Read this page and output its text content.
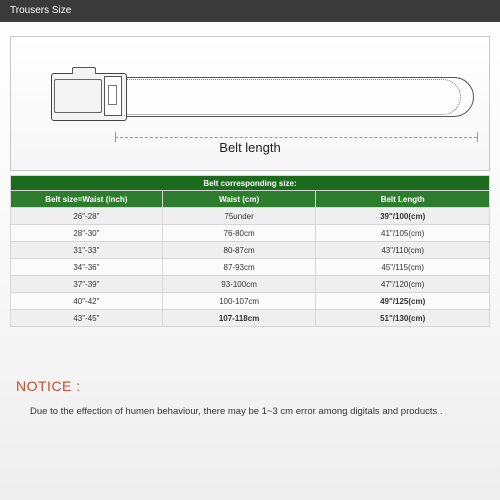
Trousers Size
Belt length
Belt corresponding size:		
Belt size=Waist (inch)	Waist (cm)	Belt Length
26"-28"	75under	39"/100(cm)
28"-30"	76-80cm	41"/105(cm)
31"-33"	80-87cm	43"/110(cm)
34"-36"	87-93cm	45"/115(cm)
37"-39"	93-100cm	47"/120(cm)
40"-42"	100-107cm	49"/125(cm)
43"-45"	107-118cm	51"/130(cm)
NOTICE :
Due to the effection of humen behaviour, there may be 1~3 cm error among digitals and products .
